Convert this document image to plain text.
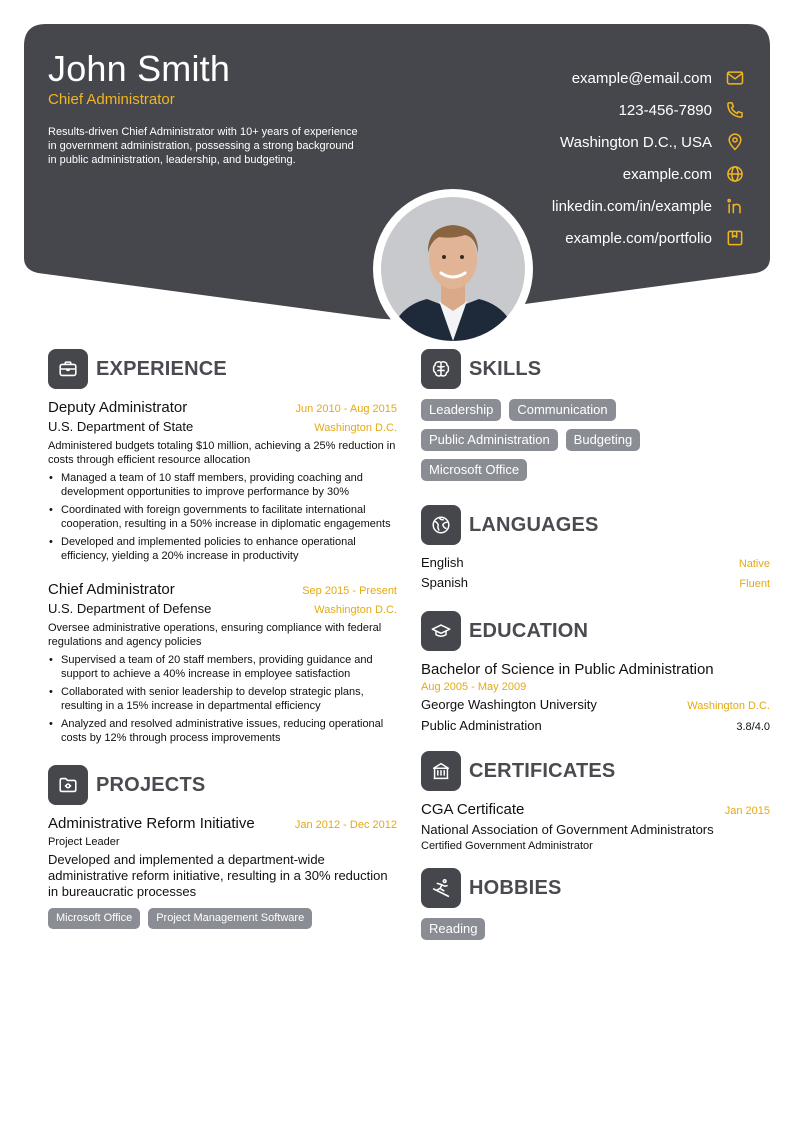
John Smith
Chief Administrator
Results-driven Chief Administrator with 10+ years of experience in government administration, possessing a strong background in public administration, leadership, and budgeting.
example@email.com
123-456-7890
Washington D.C., USA
example.com
linkedin.com/in/example
example.com/portfolio
EXPERIENCE
Deputy Administrator	Jun 2010 - Aug 2015
U.S. Department of State	Washington D.C.
Administered budgets totaling $10 million, achieving a 25% reduction in costs through efficient resource allocation
• Managed a team of 10 staff members, providing coaching and development opportunities to improve performance by 30%
• Coordinated with foreign governments to facilitate international cooperation, resulting in a 50% increase in diplomatic engagements
• Developed and implemented policies to enhance operational efficiency, yielding a 20% increase in productivity
Chief Administrator	Sep 2015 - Present
U.S. Department of Defense	Washington D.C.
Oversee administrative operations, ensuring compliance with federal regulations and agency policies
• Supervised a team of 20 staff members, providing guidance and support to achieve a 40% increase in employee satisfaction
• Collaborated with senior leadership to develop strategic plans, resulting in a 15% increase in departmental efficiency
• Analyzed and resolved administrative issues, reducing operational costs by 12% through process improvements
PROJECTS
Administrative Reform Initiative	Jan 2012 - Dec 2012
Project Leader
Developed and implemented a department-wide administrative reform initiative, resulting in a 30% reduction in bureaucratic processes
Microsoft Office	Project Management Software
SKILLS
Leadership	Communication
Public Administration	Budgeting
Microsoft Office
LANGUAGES
English	Native
Spanish	Fluent
EDUCATION
Bachelor of Science in Public Administration
Aug 2005 - May 2009
George Washington University	Washington D.C.
Public Administration	3.8/4.0
CERTIFICATES
CGA Certificate	Jan 2015
National Association of Government Administrators
Certified Government Administrator
HOBBIES
Reading
